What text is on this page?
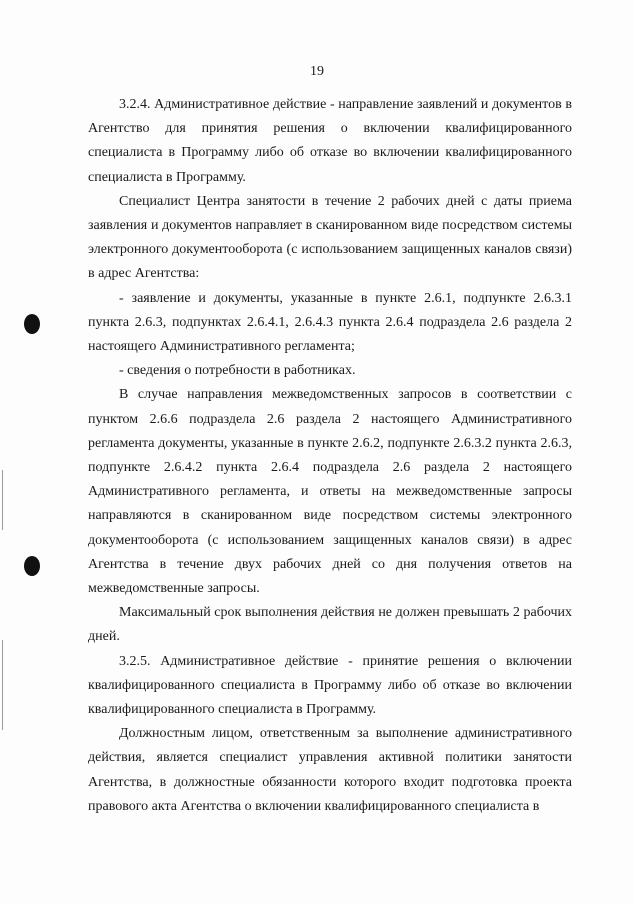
19

3.2.4. Административное действие - направление заявлений и документов в Агентство для принятия решения о включении квалифицированного специалиста в Программу либо об отказе во включении квалифицированного специалиста в Программу.

Специалист Центра занятости в течение 2 рабочих дней с даты приема заявления и документов направляет в сканированном виде посредством системы электронного документооборота (с использованием защищенных каналов связи) в адрес Агентства:

- заявление и документы, указанные в пункте 2.6.1, подпункте 2.6.3.1 пункта 2.6.3, подпунктах 2.6.4.1, 2.6.4.3 пункта 2.6.4 подраздела 2.6 раздела 2 настоящего Административного регламента;

- сведения о потребности в работниках.

В случае направления межведомственных запросов в соответствии с пунктом 2.6.6 подраздела 2.6 раздела 2 настоящего Административного регламента документы, указанные в пункте 2.6.2, подпункте 2.6.3.2 пункта 2.6.3, подпункте 2.6.4.2 пункта 2.6.4 подраздела 2.6 раздела 2 настоящего Административного регламента, и ответы на межведомственные запросы направляются в сканированном виде посредством системы электронного документооборота (с использованием защищенных каналов связи) в адрес Агентства в течение двух рабочих дней со дня получения ответов на межведомственные запросы.

Максимальный срок выполнения действия не должен превышать 2 рабочих дней.

3.2.5. Административное действие - принятие решения о включении квалифицированного специалиста в Программу либо об отказе во включении квалифицированного специалиста в Программу.

Должностным лицом, ответственным за выполнение административного действия, является специалист управления активной политики занятости Агентства, в должностные обязанности которого входит подготовка проекта правового акта Агентства о включении квалифицированного специалиста в
